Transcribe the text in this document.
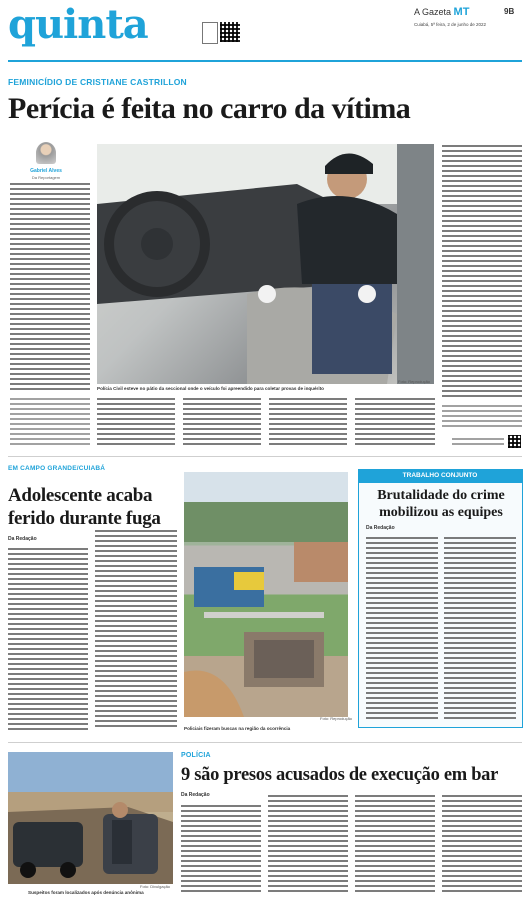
quinta	A Gazeta MT	9B
Cuiabá, 5ª feira, 2 de junho de 2022
FEMINICÍDIO DE CRISTIANE CASTRILLON
Perícia é feita no carro da vítima
Gabriel Alves
Da Reportagem
Foto: Reprodução
Polícia Civil esteve no pátio da seccional onde o veículo foi apreendido para coletar provas de inquérito
EM CAMPO GRANDE/CUIABÁ
Adolescente acaba
ferido durante fuga
Da Redação
Foto: Reprodução
Policiais fizeram buscas na região da ocorrência
TRABALHO CONJUNTO
Brutalidade do crime mobilizou as equipes
Da Redação
Foto: Divulgação
Suspeitos foram localizados após denúncia anônima
POLÍCIA
9 são presos acusados de execução em bar
Da Redação
